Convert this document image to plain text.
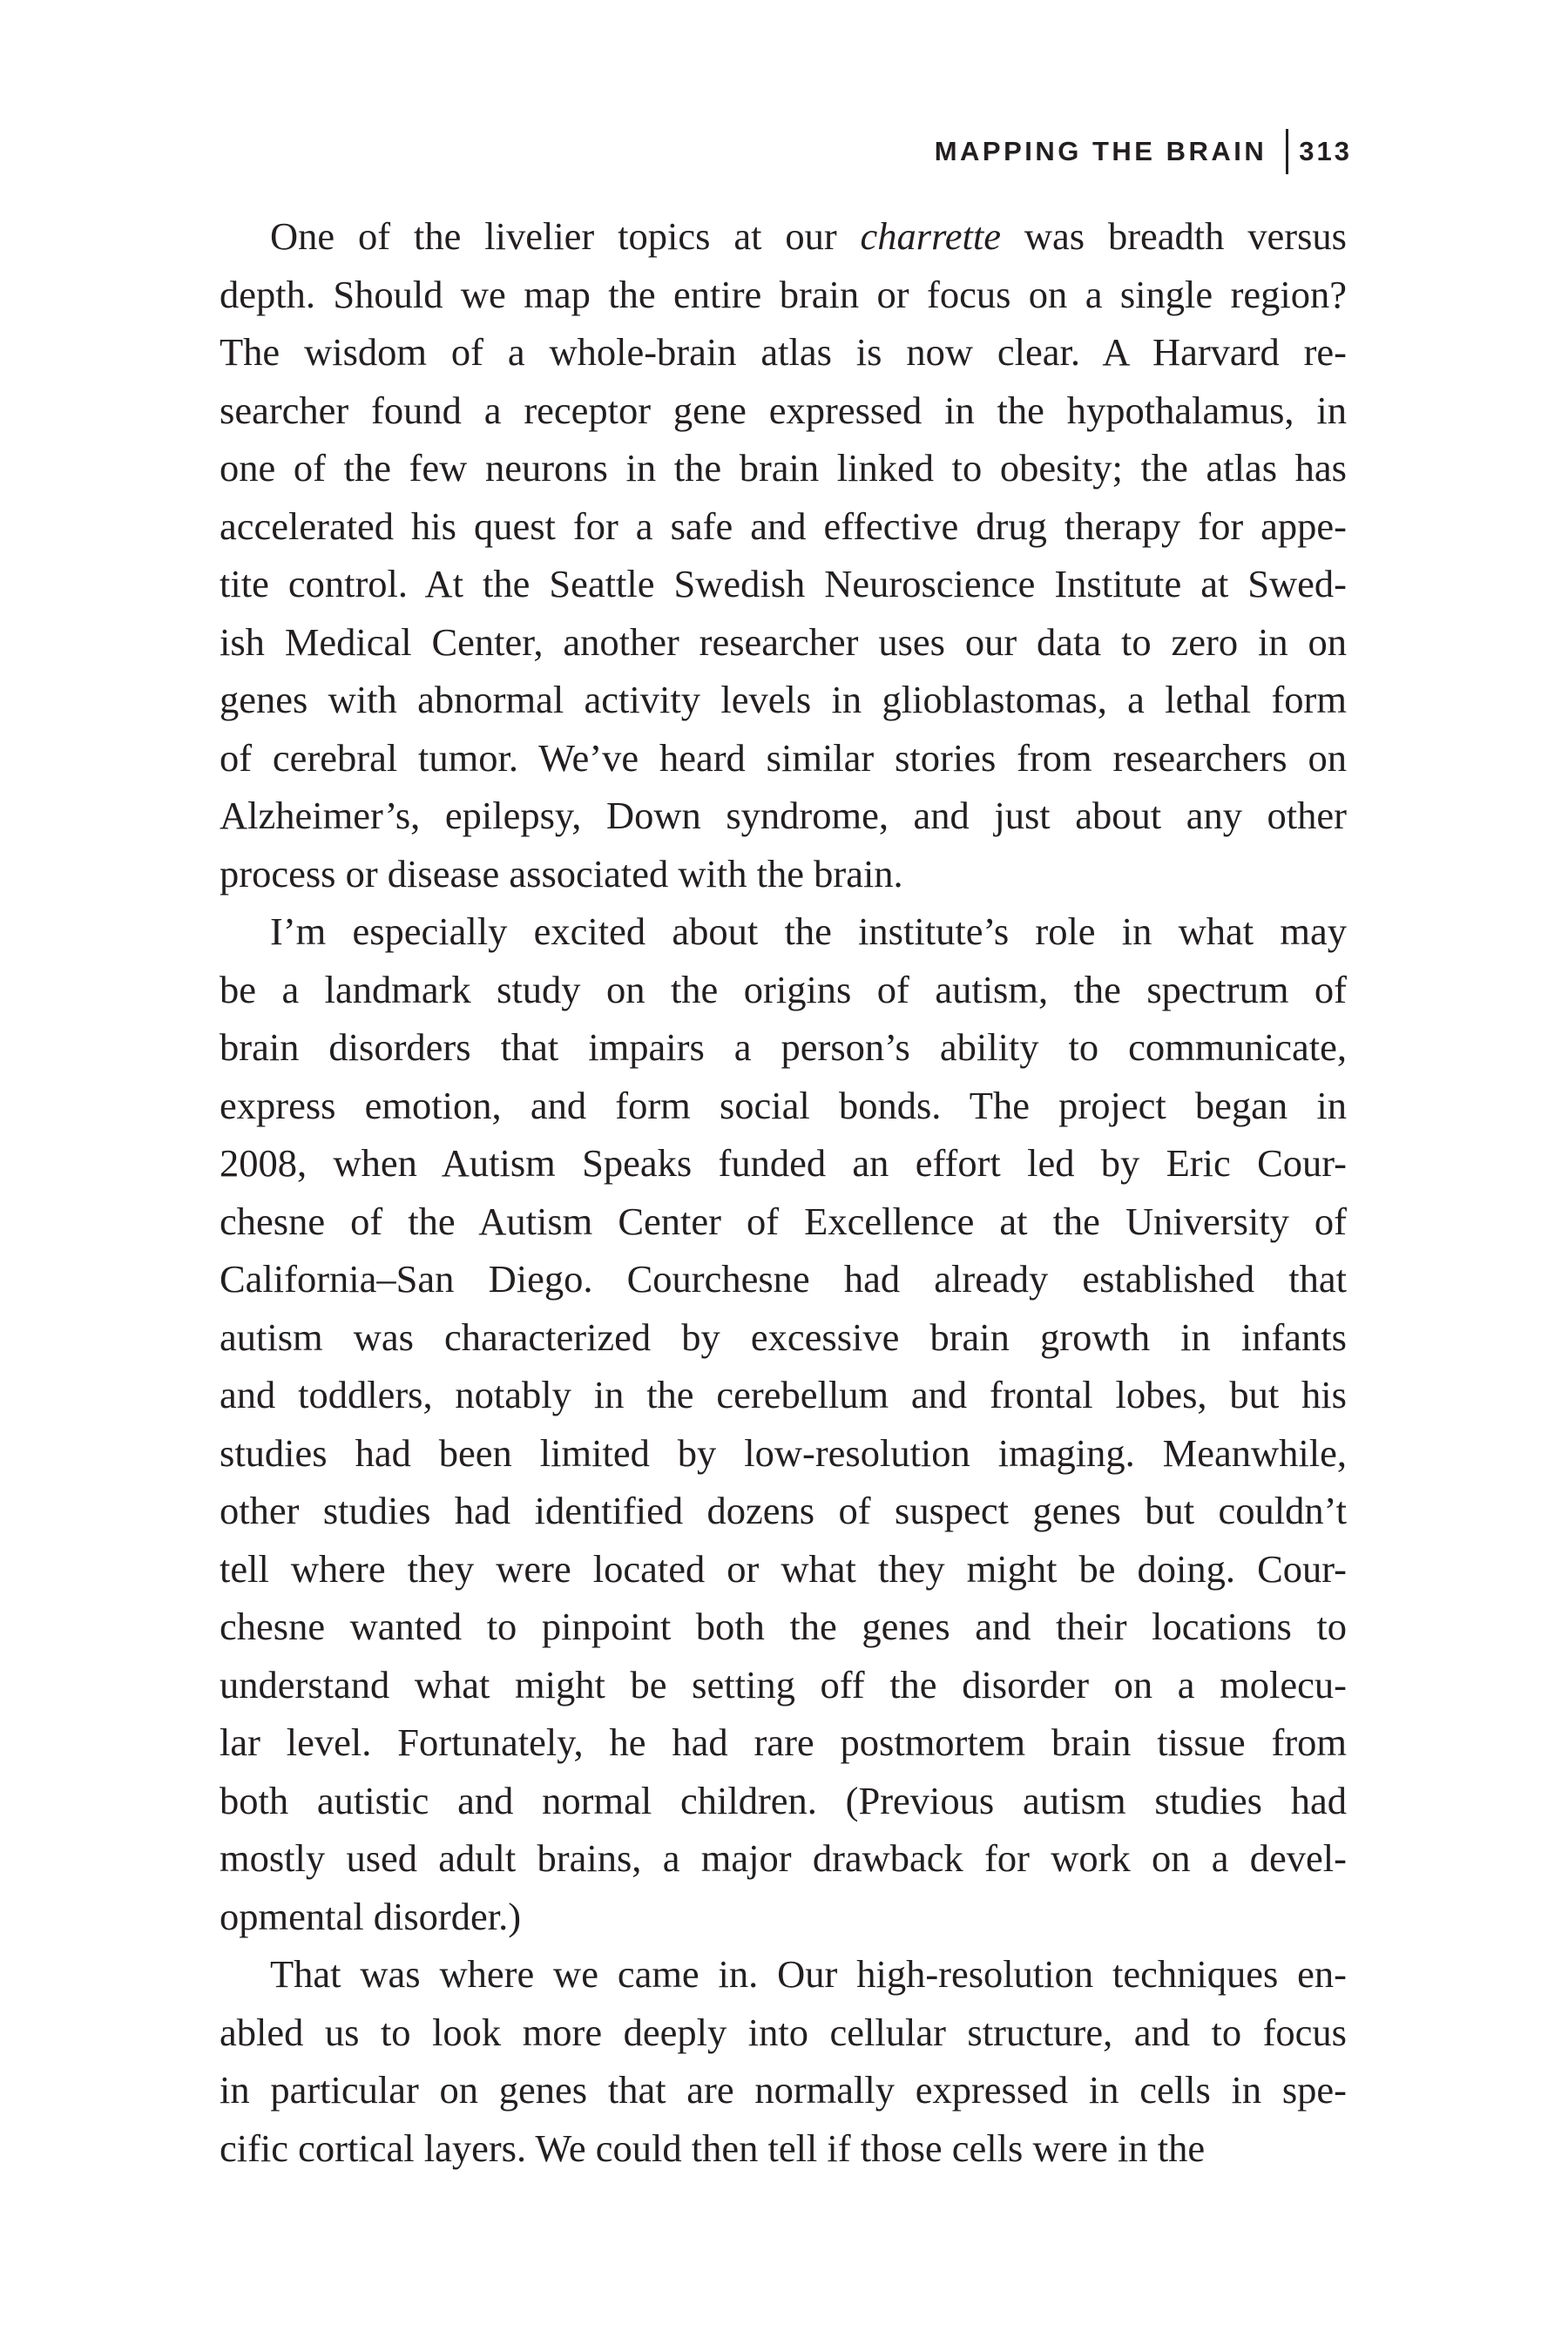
MAPPING THE BRAIN 313
One of the livelier topics at our charrette was breadth versus
depth. Should we map the entire brain or focus on a single region?
The wisdom of a whole-brain atlas is now clear. A Harvard re-
searcher found a receptor gene expressed in the hypothalamus, in
one of the few neurons in the brain linked to obesity; the atlas has
accelerated his quest for a safe and effective drug therapy for appe-
tite control. At the Seattle Swedish Neuroscience Institute at Swed-
ish Medical Center, another researcher uses our data to zero in on
genes with abnormal activity levels in glioblastomas, a lethal form
of cerebral tumor. We’ve heard similar stories from researchers on
Alzheimer’s, epilepsy, Down syndrome, and just about any other
process or disease associated with the brain.
I’m especially excited about the institute’s role in what may
be a landmark study on the origins of autism, the spectrum of
brain disorders that impairs a person’s ability to communicate,
express emotion, and form social bonds. The project began in
2008, when Autism Speaks funded an effort led by Eric Cour-
chesne of the Autism Center of Excellence at the University of
California–San Diego. Courchesne had already established that
autism was characterized by excessive brain growth in infants
and toddlers, notably in the cerebellum and frontal lobes, but his
studies had been limited by low-resolution imaging. Meanwhile,
other studies had identified dozens of suspect genes but couldn’t
tell where they were located or what they might be doing. Cour-
chesne wanted to pinpoint both the genes and their locations to
understand what might be setting off the disorder on a molecu-
lar level. Fortunately, he had rare postmortem brain tissue from
both autistic and normal children. (Previous autism studies had
mostly used adult brains, a major drawback for work on a devel-
opmental disorder.)
That was where we came in. Our high-resolution techniques en-
abled us to look more deeply into cellular structure, and to focus
in particular on genes that are normally expressed in cells in spe-
cific cortical layers. We could then tell if those cells were in the
